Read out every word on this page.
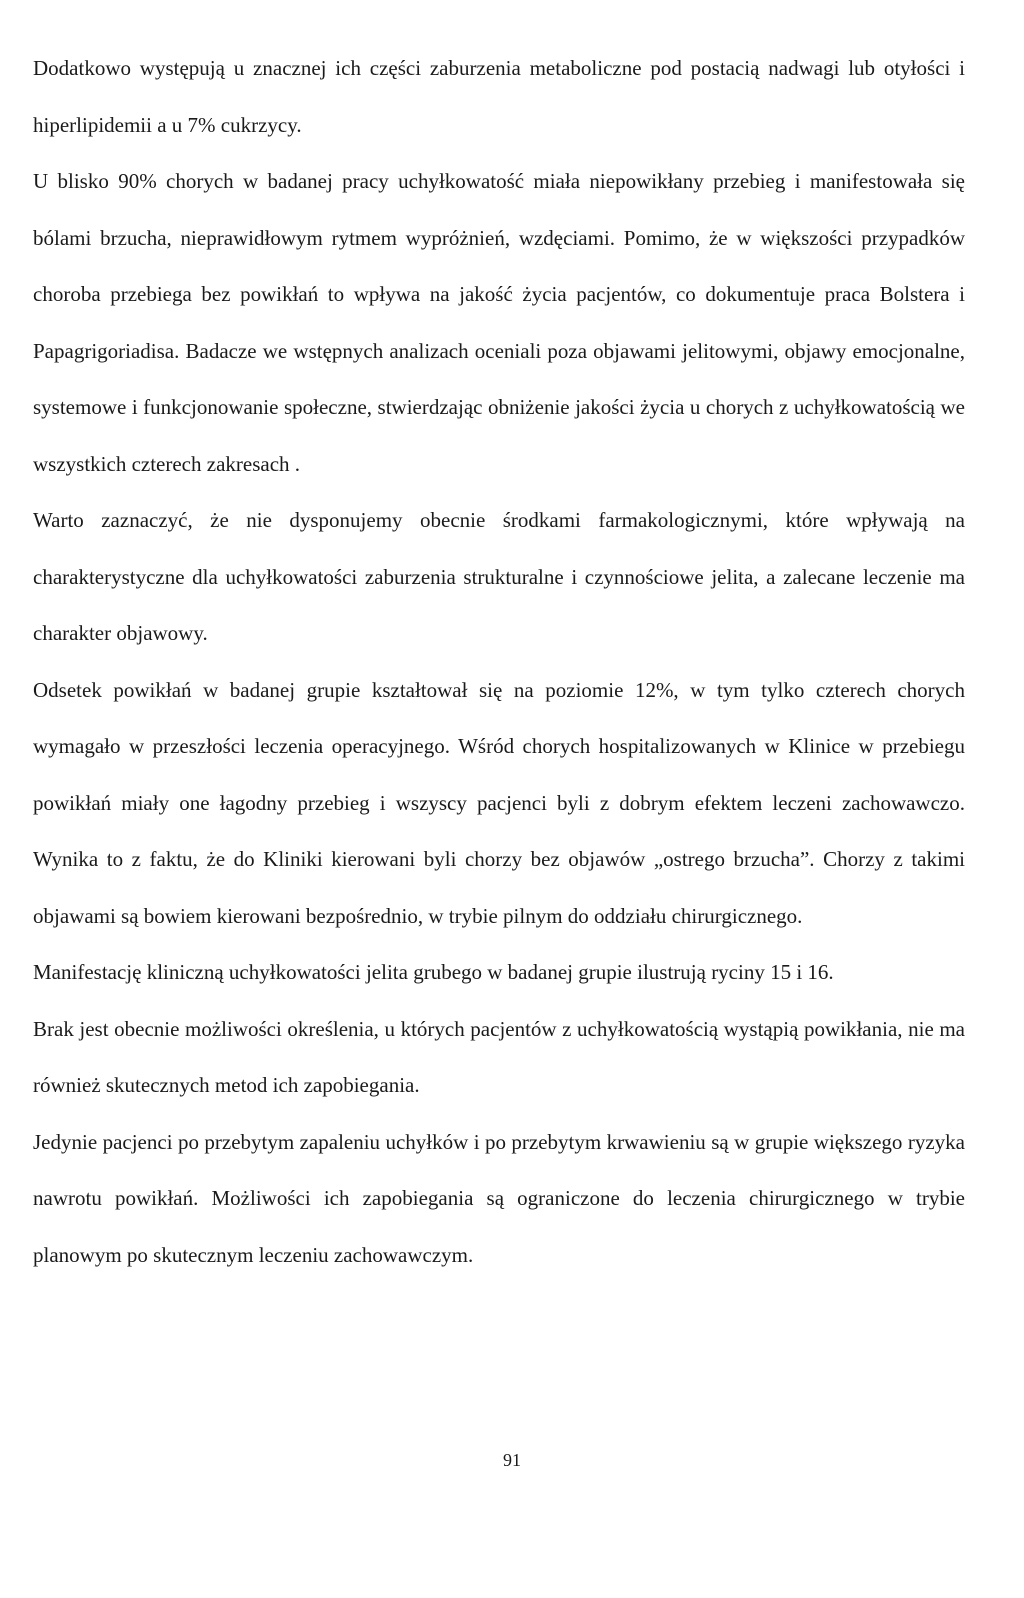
Dodatkowo występują u znacznej ich części zaburzenia metaboliczne pod postacią nadwagi lub otyłości i hiperlipidemii a u 7% cukrzycy.

U blisko 90% chorych w badanej pracy uchyłkowatość miała niepowikłany przebieg i manifestowała się bólami brzucha, nieprawidłowym rytmem wypróżnień, wzdęciami. Pomimo, że w większości przypadków choroba przebiega bez powikłań to wpływa na jakość życia pacjentów, co dokumentuje praca Bolstera i Papagrigoriadisa. Badacze we wstępnych analizach oceniali poza objawami jelitowymi, objawy emocjonalne, systemowe i funkcjonowanie społeczne, stwierdzając obniżenie jakości życia u chorych z uchyłkowatością we wszystkich czterech zakresach .

Warto zaznaczyć, że nie dysponujemy obecnie środkami farmakologicznymi, które wpływają na charakterystyczne dla uchyłkowatości zaburzenia strukturalne i czynnościowe jelita, a zalecane leczenie ma charakter objawowy.

Odsetek powikłań w badanej grupie kształtował się na poziomie 12%, w tym tylko czterech chorych wymagało w przeszłości leczenia operacyjnego. Wśród chorych hospitalizowanych w Klinice w przebiegu powikłań miały one łagodny przebieg i wszyscy pacjenci byli z dobrym efektem leczeni zachowawczo. Wynika to z faktu, że do Kliniki kierowani byli chorzy bez objawów „ostrego brzucha”. Chorzy z takimi objawami są bowiem kierowani bezpośrednio, w trybie pilnym do oddziału chirurgicznego.

Manifestację kliniczną uchyłkowatości jelita grubego w badanej grupie ilustrują ryciny 15 i 16.

Brak jest obecnie możliwości określenia, u których pacjentów z uchyłkowatością wystąpią powikłania, nie ma również skutecznych metod ich zapobiegania.

Jedynie pacjenci po przebytym zapaleniu uchyłków i po przebytym krwawieniu są w grupie większego ryzyka nawrotu powikłań. Możliwości ich zapobiegania są ograniczone do leczenia chirurgicznego w trybie planowym po skutecznym leczeniu zachowawczym.

91
